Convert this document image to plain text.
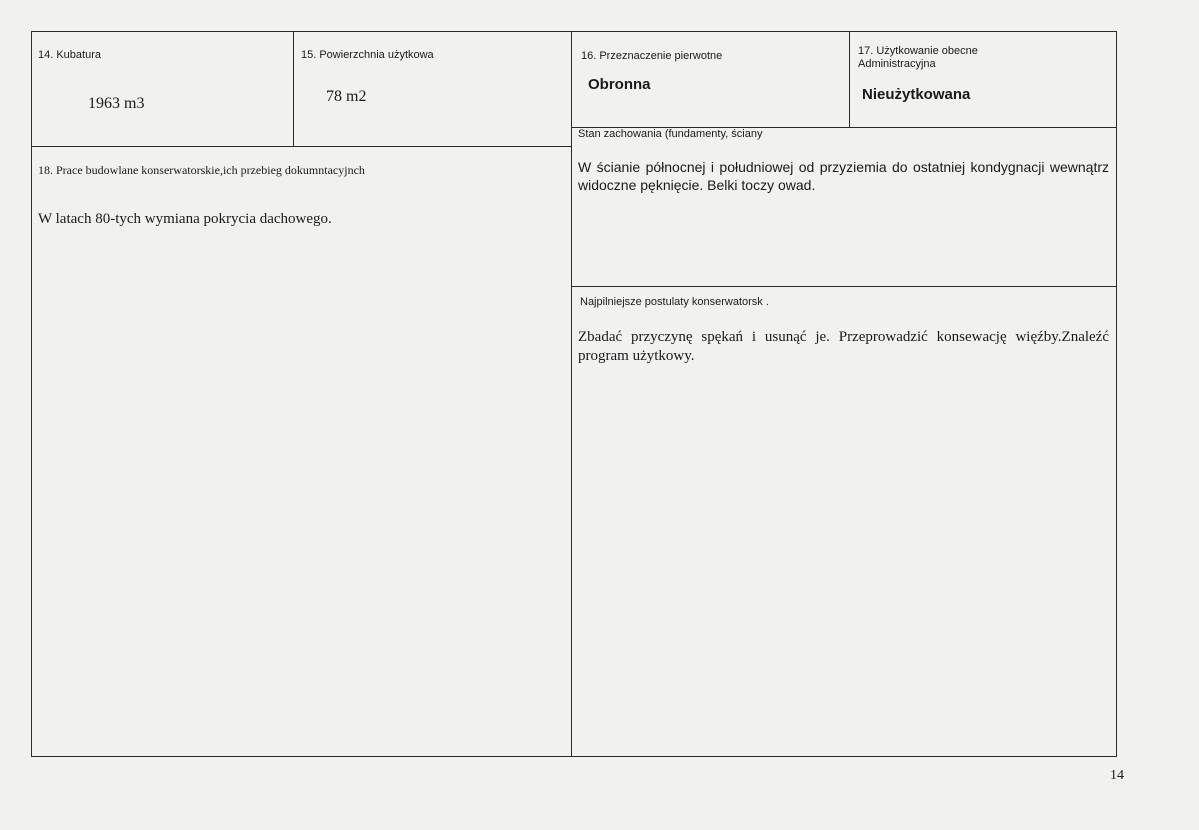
14. Kubatura
1963 m3
15. Powierzchnia użytkowa
78 m2
16. Przeznaczenie pierwotne
Obronna
17. Użytkowanie obecne
Administracyjna
Nieużytkowana
18. Prace budowlane konserwatorskie,ich przebieg dokumntacyjnch
W latach 80-tych wymiana pokrycia dachowego.
Stan zachowania (fundamenty, ściany
W ścianie północnej i południowej od przyziemia do ostatniej kondygnacji wewnątrz widoczne pęknięcie. Belki toczy owad.
Najpilniejsze postulaty konserwatorsk .
Zbadać przyczynę spękań i usunąć je. Przeprowadzić konsewację więźby.Znaleźć program użytkowy.
14
